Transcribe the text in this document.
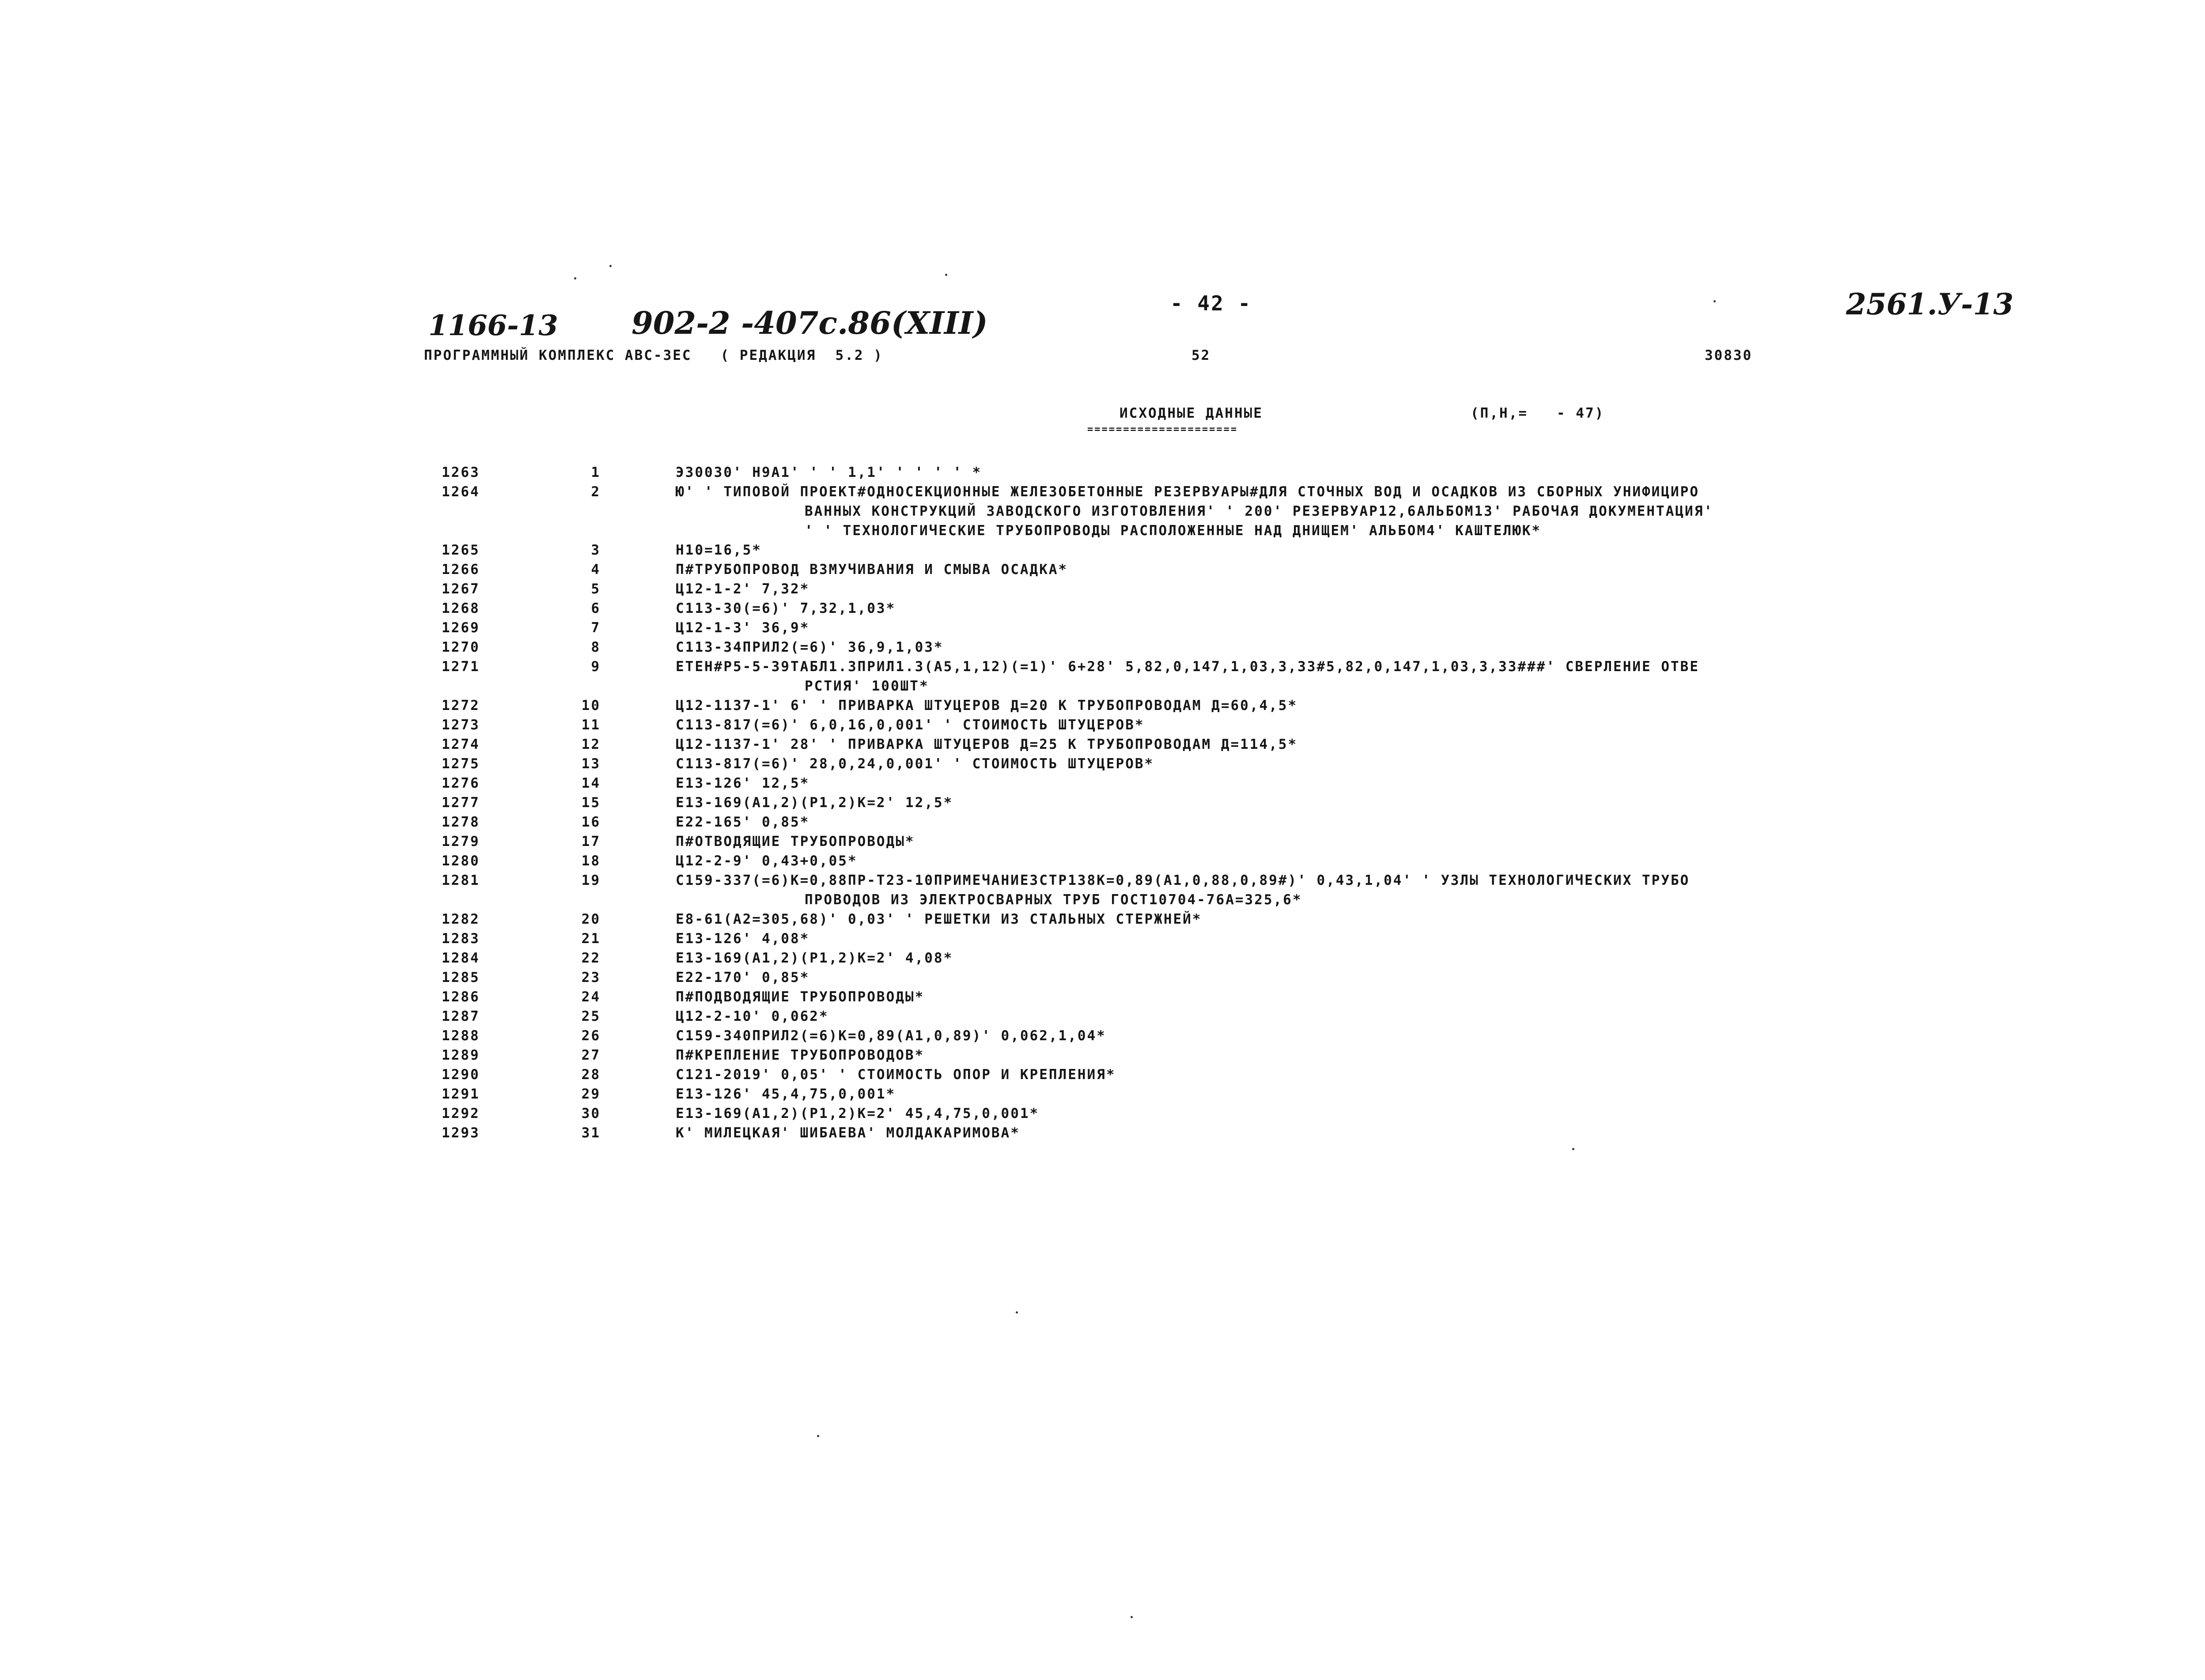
1166-13 902-2 -407с.86(XIII)
- 42 -	2561.У-13
ПРОГРАММНЫЙ КОМПЛЕКС АВС-ЗЕС   ( РЕДАКЦИЯ  5.2 )	52	30830
ИСХОДНЫЕ ДАННЫЕ
=====================
(П,Н,=   - 47)
1263	1	Э30030' Н9А1' ' ' 1,1' ' ' ' ' *
1264	2	Ю' ' ТИПОВОЙ ПРОЕКТ#ОДНОСЕКЦИОННЫЕ ЖЕЛЕЗОБЕТОННЫЕ РЕЗЕРВУАРЫ#ДЛЯ СТОЧНЫХ ВОД И ОСАДКОВ ИЗ СБОРНЫХ УНИФИЦИРО
ВАННЫХ КОНСТРУКЦИЙ ЗАВОДСКОГО ИЗГОТОВЛЕНИЯ' ' 200' РЕЗЕРВУАР12,6АЛЬБОМ13' РАБОЧАЯ ДОКУМЕНТАЦИЯ'
' ' ТЕХНОЛОГИЧЕСКИЕ ТРУБОПРОВОДЫ РАСПОЛОЖЕННЫЕ НАД ДНИЩЕМ' АЛЬБОМ4' КАШТЕЛЮК*
1265	3	Н10=16,5*
1266	4	П#ТРУБОПРОВОД ВЗМУЧИВАНИЯ И СМЫВА ОСАДКА*
1267	5	Ц12-1-2' 7,32*
1268	6	С113-30(=6)' 7,32,1,03*
1269	7	Ц12-1-3' 36,9*
1270	8	С113-34ПРИЛ2(=6)' 36,9,1,03*
1271	9	ЕТЕН#Р5-5-39ТАБЛ1.3ПРИЛ1.3(А5,1,12)(=1)' 6+28' 5,82,0,147,1,03,3,33#5,82,0,147,1,03,3,33###' СВЕРЛЕНИЕ ОТВЕ
РСТИЯ' 100ШТ*
1272	10	Ц12-1137-1' 6' ' ПРИВАРКА ШТУЦЕРОВ Д=20 К ТРУБОПРОВОДАМ Д=60,4,5*
1273	11	С113-817(=6)' 6,0,16,0,001' ' СТОИМОСТЬ ШТУЦЕРОВ*
1274	12	Ц12-1137-1' 28' ' ПРИВАРКА ШТУЦЕРОВ Д=25 К ТРУБОПРОВОДАМ Д=114,5*
1275	13	С113-817(=6)' 28,0,24,0,001' ' СТОИМОСТЬ ШТУЦЕРОВ*
1276	14	Е13-126' 12,5*
1277	15	Е13-169(А1,2)(Р1,2)К=2' 12,5*
1278	16	Е22-165' 0,85*
1279	17	П#ОТВОДЯЩИЕ ТРУБОПРОВОДЫ*
1280	18	Ц12-2-9' 0,43+0,05*
1281	19	С159-337(=6)К=0,88ПР-Т23-10ПРИМЕЧАНИЕ3СТР138К=0,89(А1,0,88,0,89#)' 0,43,1,04' ' УЗЛЫ ТЕХНОЛОГИЧЕСКИХ ТРУБО
ПРОВОДОВ ИЗ ЭЛЕКТРОСВАРНЫХ ТРУБ ГОСТ10704-76А=325,6*
1282	20	Е8-61(А2=305,68)' 0,03' ' РЕШЕТКИ ИЗ СТАЛЬНЫХ СТЕРЖНЕЙ*
1283	21	Е13-126' 4,08*
1284	22	Е13-169(А1,2)(Р1,2)К=2' 4,08*
1285	23	Е22-170' 0,85*
1286	24	П#ПОДВОДЯЩИЕ ТРУБОПРОВОДЫ*
1287	25	Ц12-2-10' 0,062*
1288	26	С159-340ПРИЛ2(=6)К=0,89(А1,0,89)' 0,062,1,04*
1289	27	П#КРЕПЛЕНИЕ ТРУБОПРОВОДОВ*
1290	28	С121-2019' 0,05' ' СТОИМОСТЬ ОПОР И КРЕПЛЕНИЯ*
1291	29	Е13-126' 45,4,75,0,001*
1292	30	Е13-169(А1,2)(Р1,2)К=2' 45,4,75,0,001*
1293	31	К' МИЛЕЦКАЯ' ШИБАЕВА' МОЛДАКАРИМОВА*
